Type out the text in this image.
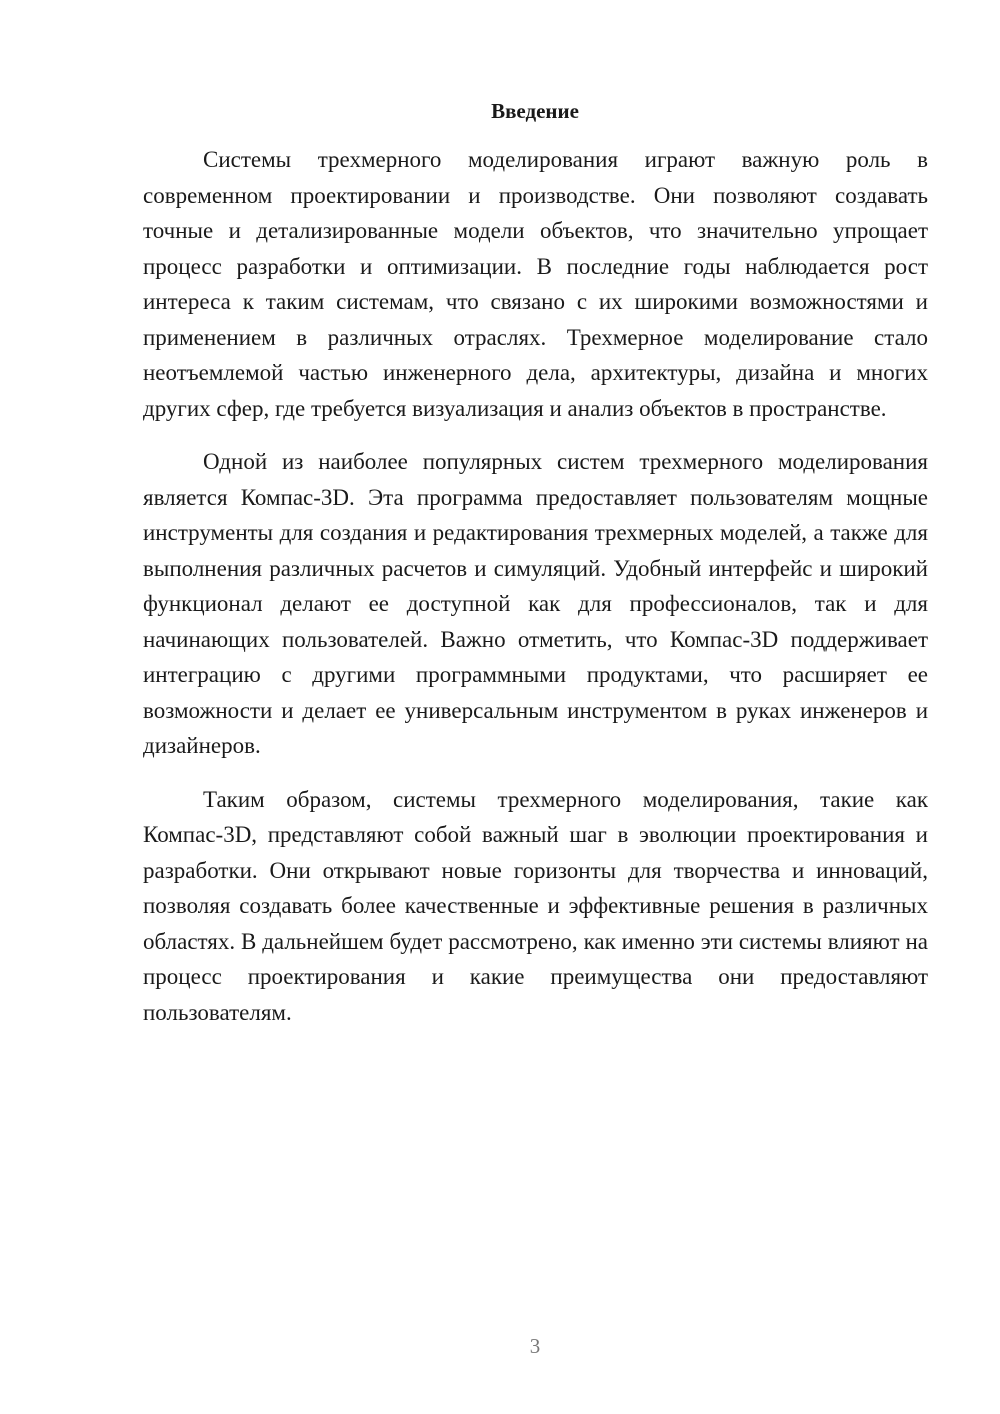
Введение

Системы трехмерного моделирования играют важную роль в современном проектировании и производстве. Они позволяют создавать точные и детализированные модели объектов, что значительно упрощает процесс разработки и оптимизации. В последние годы наблюдается рост интереса к таким системам, что связано с их широкими возможностями и применением в различных отраслях. Трехмерное моделирование стало неотъемлемой частью инженерного дела, архитектуры, дизайна и многих других сфер, где требуется визуализация и анализ объектов в пространстве.

Одной из наиболее популярных систем трехмерного моделирования является Компас-3D. Эта программа предоставляет пользователям мощные инструменты для создания и редактирования трехмерных моделей, а также для выполнения различных расчетов и симуляций. Удобный интерфейс и широкий функционал делают ее доступной как для профессионалов, так и для начинающих пользователей. Важно отметить, что Компас-3D поддерживает интеграцию с другими программными продуктами, что расширяет ее возможности и делает ее универсальным инструментом в руках инженеров и дизайнеров.

Таким образом, системы трехмерного моделирования, такие как Компас-3D, представляют собой важный шаг в эволюции проектирования и разработки. Они открывают новые горизонты для творчества и инноваций, позволяя создавать более качественные и эффективные решения в различных областях. В дальнейшем будет рассмотрено, как именно эти системы влияют на процесс проектирования и какие преимущества они предоставляют пользователям.

3
